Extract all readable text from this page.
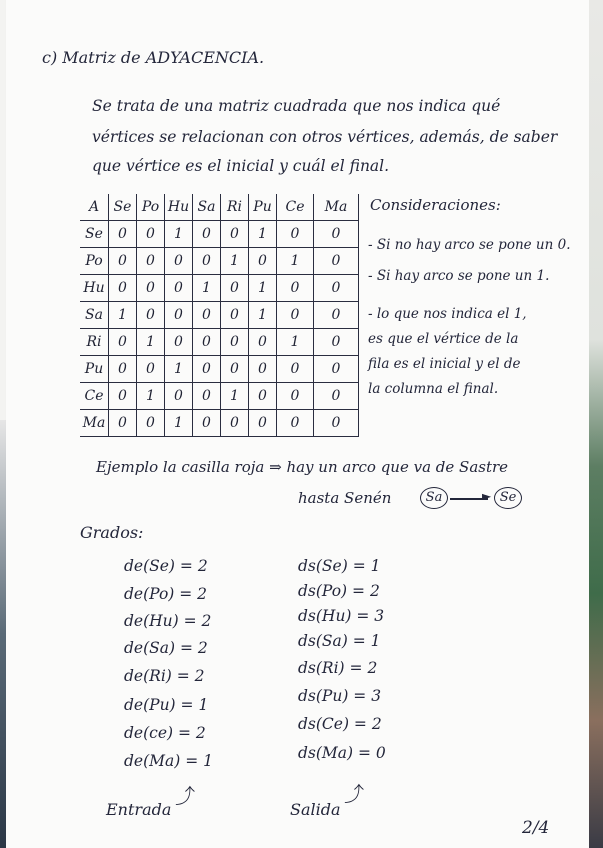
c) Matriz de ADYACENCIA.
Se trata de una matriz cuadrada que nos indica qué
vértices se relacionan con otros vértices, además, de saber
que vértice es el inicial y cuál el final.
A	Se	Po	Hu	Sa	Ri	Pu	Ce	Ma
Se	0	0	1	0	0	1	0	0
Po	0	0	0	0	1	0	1	0
Hu	0	0	0	1	0	1	0	0
Sa	1	0	0	0	0	1	0	0
Ri	0	1	0	0	0	0	1	0
Pu	0	0	1	0	0	0	0	0
Ce	0	1	0	0	1	0	0	0
Ma	0	0	1	0	0	0	0	0
Consideraciones:
- Si no hay arco se pone un 0.
- Si hay arco se pone un 1.
- lo que nos indica el 1,
es que el vértice de la
fila es el inicial y el de
la columna el final.
Ejemplo la casilla roja ⇒ hay un arco que va de Sastre
hasta Senén	Sa	► Se
Grados:
de(Se) = 2
de(Po) = 2
de(Hu) = 2
de(Sa) = 2
de(Ri) = 2
de(Pu) = 1
de(ce) = 2
de(Ma) = 1
ds(Se) = 1
ds(Po) = 2
ds(Hu) = 3
ds(Sa) = 1
ds(Ri) = 2
ds(Pu) = 3
ds(Ce) = 2
ds(Ma) = 0
⤴	⤴
Entrada	Salida
2/4
